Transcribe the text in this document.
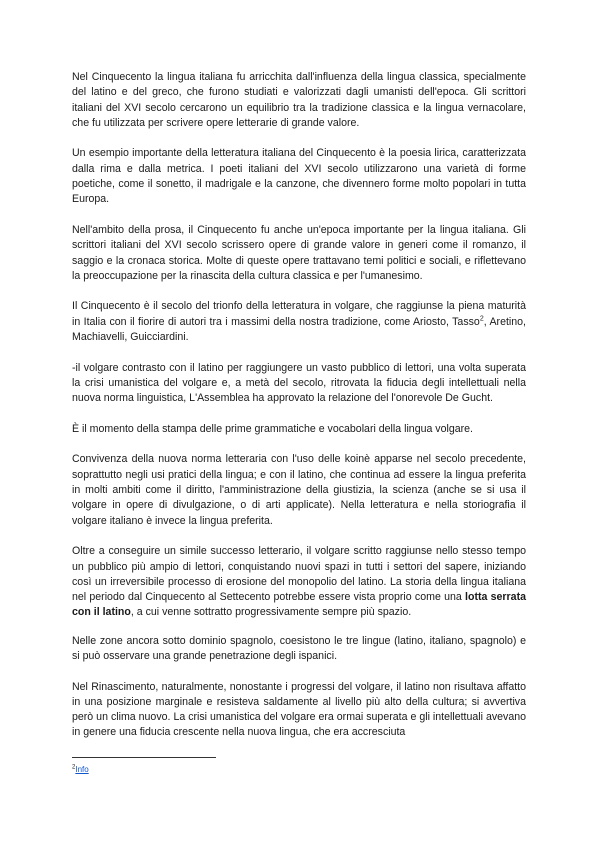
Nel Cinquecento la lingua italiana fu arricchita dall'influenza della lingua classica, specialmente del latino e del greco, che furono studiati e valorizzati dagli umanisti dell'epoca. Gli scrittori italiani del XVI secolo cercarono un equilibrio tra la tradizione classica e la lingua vernacolare, che fu utilizzata per scrivere opere letterarie di grande valore.

Un esempio importante della letteratura italiana del Cinquecento è la poesia lirica, caratterizzata dalla rima e dalla metrica. I poeti italiani del XVI secolo utilizzarono una varietà di forme poetiche, come il sonetto, il madrigale e la canzone, che divennero forme molto popolari in tutta Europa.

Nell'ambito della prosa, il Cinquecento fu anche un'epoca importante per la lingua italiana. Gli scrittori italiani del XVI secolo scrissero opere di grande valore in generi come il romanzo, il saggio e la cronaca storica. Molte di queste opere trattavano temi politici e sociali, e riflettevano la preoccupazione per la rinascita della cultura classica e per l'umanesimo.

Il Cinquecento è il secolo del trionfo della letteratura in volgare, che raggiunse la piena maturità in Italia con il fiorire di autori tra i massimi della nostra tradizione, come Ariosto, Tasso$^2$, Aretino, Machiavelli, Guicciardini.

-il volgare contrasto con il latino per raggiungere un vasto pubblico di lettori, una volta superata la crisi umanistica del volgare e, a metà del secolo, ritrovata la fiducia degli intellettuali nella nuova norma linguistica, L'Assemblea ha approvato la relazione del l'onorevole De Gucht.

È il momento della stampa delle prime grammatiche e vocabolari della lingua volgare.

Convivenza della nuova norma letteraria con l'uso delle koinè apparse nel secolo precedente, soprattutto negli usi pratici della lingua; e con il latino, che continua ad essere la lingua preferita in molti ambiti come il diritto, l'amministrazione della giustizia, la scienza (anche se si usa il volgare in opere di divulgazione, o di arti applicate). Nella letteratura e nella storiografia il volgare italiano è invece la lingua preferita.

Oltre a conseguire un simile successo letterario, il volgare scritto raggiunse nello stesso tempo un pubblico più ampio di lettori, conquistando nuovi spazi in tutti i settori del sapere, iniziando così un irreversibile processo di erosione del monopolio del latino. La storia della lingua italiana nel periodo dal Cinquecento al Settecento potrebbe essere vista proprio come una lotta serrata con il latino, a cui venne sottratto progressivamente sempre più spazio.

Nelle zone ancora sotto dominio spagnolo, coesistono le tre lingue (latino, italiano, spagnolo) e si può osservare una grande penetrazione degli ispanici.

Nel Rinascimento, naturalmente, nonostante i progressi del volgare, il latino non risultava affatto in una posizione marginale e resisteva saldamente al livello più alto della cultura; si avvertiva però un clima nuovo. La crisi umanistica del volgare era ormai superata e gli intellettuali avevano in genere una fiducia crescente nella nuova lingua, che era accresciuta

$^2$Info
